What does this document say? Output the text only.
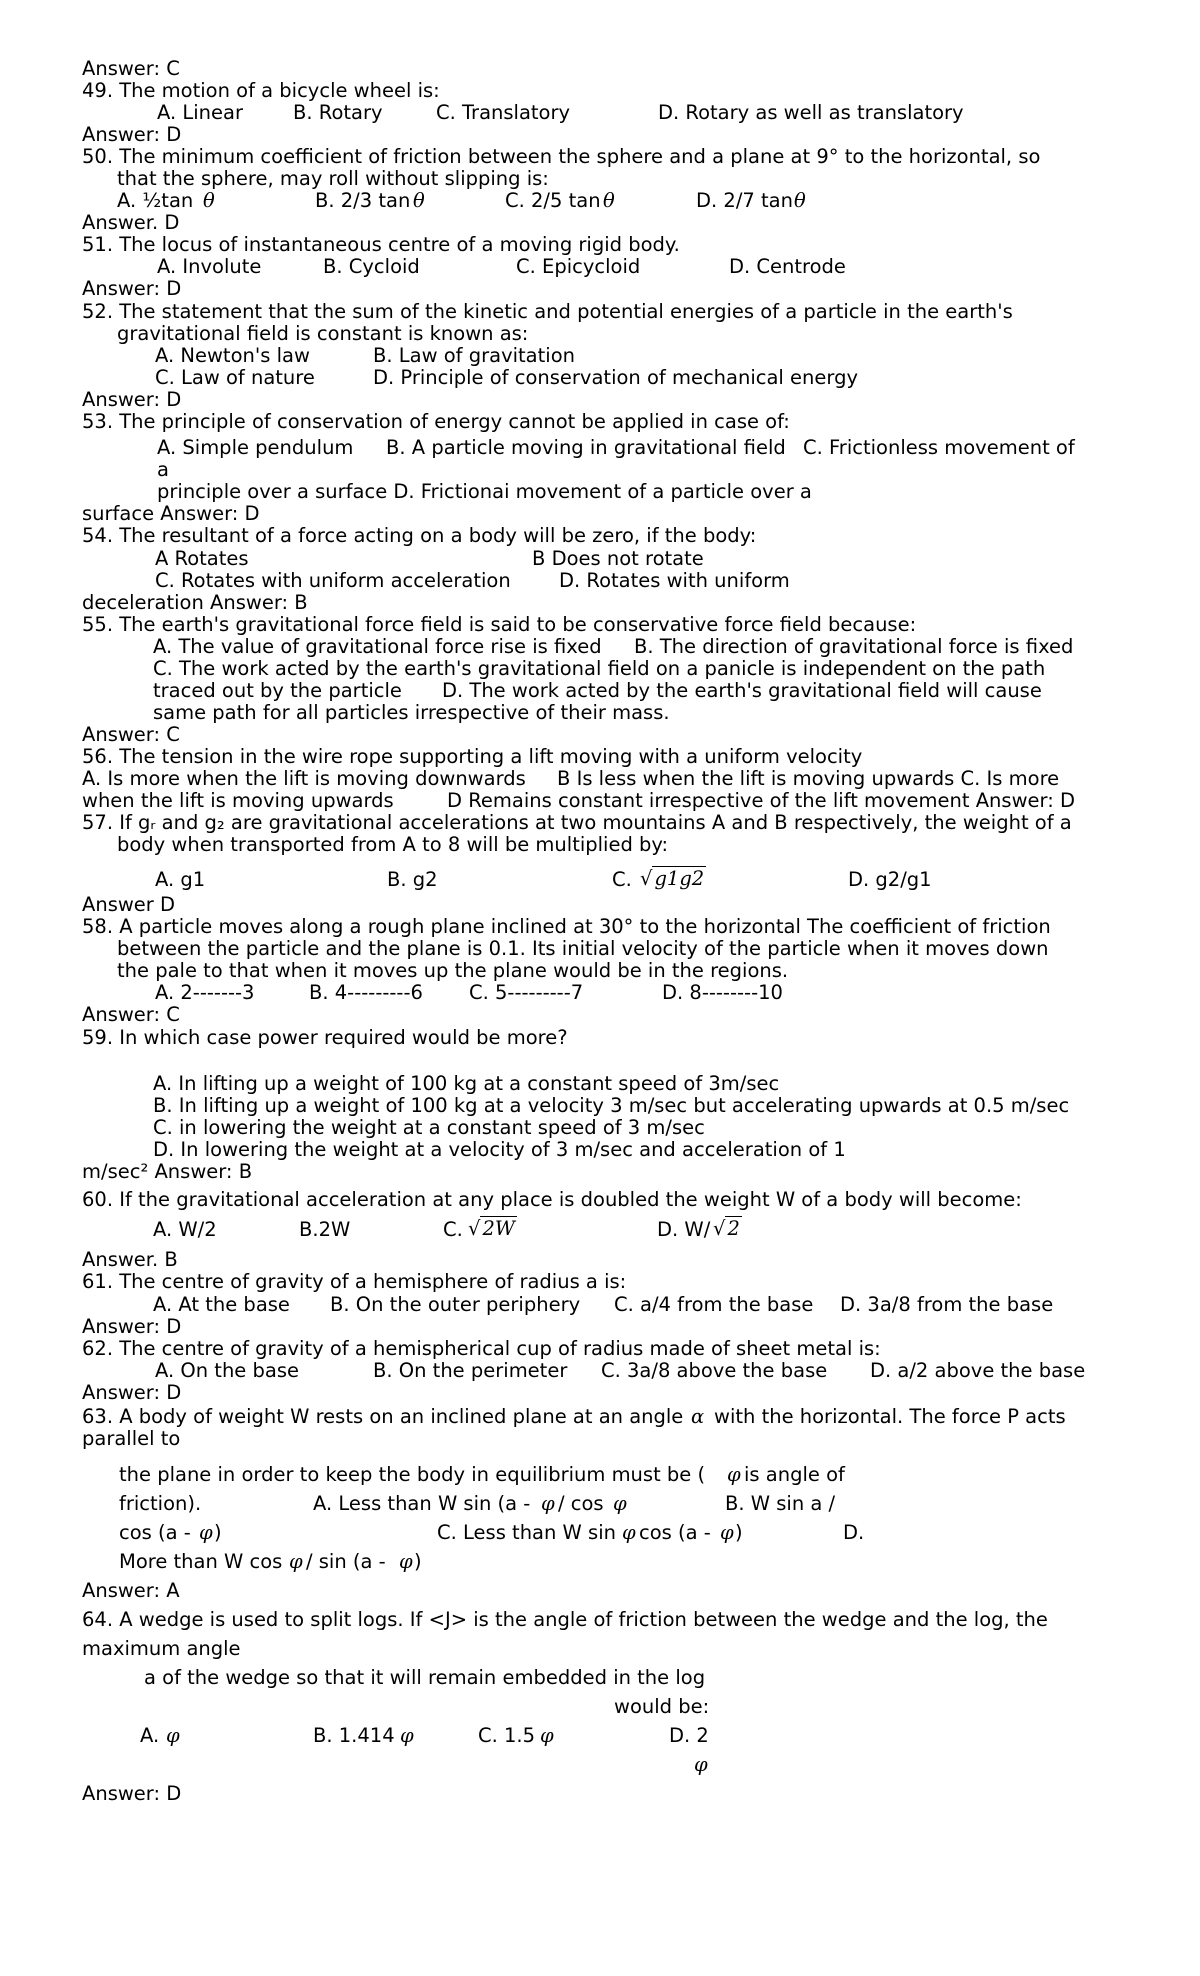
Answer: C
49. The motion of a bicycle wheel is:
A. Linear	B. Rotary	C. Translatory	D. Rotary as well as translatory
Answer: D
50. The minimum coefficient of friction between the sphere and a plane at 9° to the horizontal, so
that the sphere, may roll without slipping is:
A. ½tan θ	B. 2/3 tan θ	C. 2/5 tan θ	D. 2/7 tan θ
Answer. D
51. The locus of instantaneous centre of a moving rigid body.
A. Involute	B. Cycloid	C. Epicycloid	D. Centrode
Answer: D
52. The statement that the sum of the kinetic and potential energies of a particle in the earth's
gravitational field is constant is known as:
A. Newton's law	B. Law of gravitation
C. Law of nature	D. Principle of conservation of mechanical energy
Answer: D
53. The principle of conservation of energy cannot be applied in case of:
A. Simple pendulum B. A particle moving in gravitational field C. Frictionless movement of
a
principle over a surface D. Frictionai movement of a particle over a
surface Answer: D
54. The resultant of a force acting on a body will be zero, if the body:
A Rotates	B Does not rotate
C. Rotates with uniform acceleration D. Rotates with uniform
deceleration Answer: B
55. The earth's gravitational force field is said to be conservative force field because:
A. The value of gravitational force rise is fixed B. The direction of gravitational force is fixed
C. The work acted by the earth's gravitational field on a panicle is independent on the path
traced out by the particle D. The work acted by the earth's gravitational field will cause
same path for all particles irrespective of their mass.
Answer: C
56. The tension in the wire rope supporting a lift moving with a uniform velocity
A. Is more when the lift is moving downwards B Is less when the lift is moving upwards C. Is more
when the lift is moving upwards	D Remains constant irrespective of the lift movement Answer: D
57. If gᵣ and g₂ are gravitational accelerations at two mountains A and B respectively, the weight of a
body when transported from A to 8 will be multiplied by:
A. g1	B. g2	C.	D. g2/g1
Answer D
58. A particle moves along a rough plane inclined at 30° to the horizontal The coefficient of friction
between the particle and the plane is 0.1. Its initial velocity of the particle when it moves down
the pale to that when it moves up the plane would be in the regions.
A. 2-------3	B. 4---------6 C. 5---------7	D. 8--------10
Answer: C
59. In which case power required would be more?
A. In lifting up a weight of 100 kg at a constant speed of 3m/sec
B. In lifting up a weight of 100 kg at a velocity 3 m/sec but accelerating upwards at 0.5 m/sec
C. in lowering the weight at a constant speed of 3 m/sec
D. In lowering the weight at a velocity of 3 m/sec and acceleration of 1
m/sec² Answer: B
60. If the gravitational acceleration at any place is doubled the weight W of a body will become:
A. W/2	B.2W	C.	D. W/
Answer. B
61. The centre of gravity of a hemisphere of radius a is:
A. At the base B. On the outer periphery C. a/4 from the base D. 3a/8 from the base
Answer: D
62. The centre of gravity of a hemispherical cup of radius made of sheet metal is:
A. On the base	B. On the perimeter C. 3a/8 above the base D. a/2 above the base
Answer: D
63. A body of weight W rests on an inclined plane at an angle α with the horizontal. The force P acts
parallel to
the plane in order to keep the body in equilibrium must be ( φ is angle of
friction).	A. Less than W sin (a - φ / cos φ	B. W sin a /
cos (a - φ )	C. Less than W sin φ cos (a - φ )	D.
More than W cos φ / sin (a - φ )
Answer: A
64. A wedge is used to split logs. If <J> is the angle of friction between the wedge and the log, the
maximum angle
a of the wedge so that it will remain embedded in the log
would be:
A. φ	B. 1.414 φ	C. 1.5 φ	D. 2
φ
Answer: D
√ g1g2
√ 2W	√ 2
